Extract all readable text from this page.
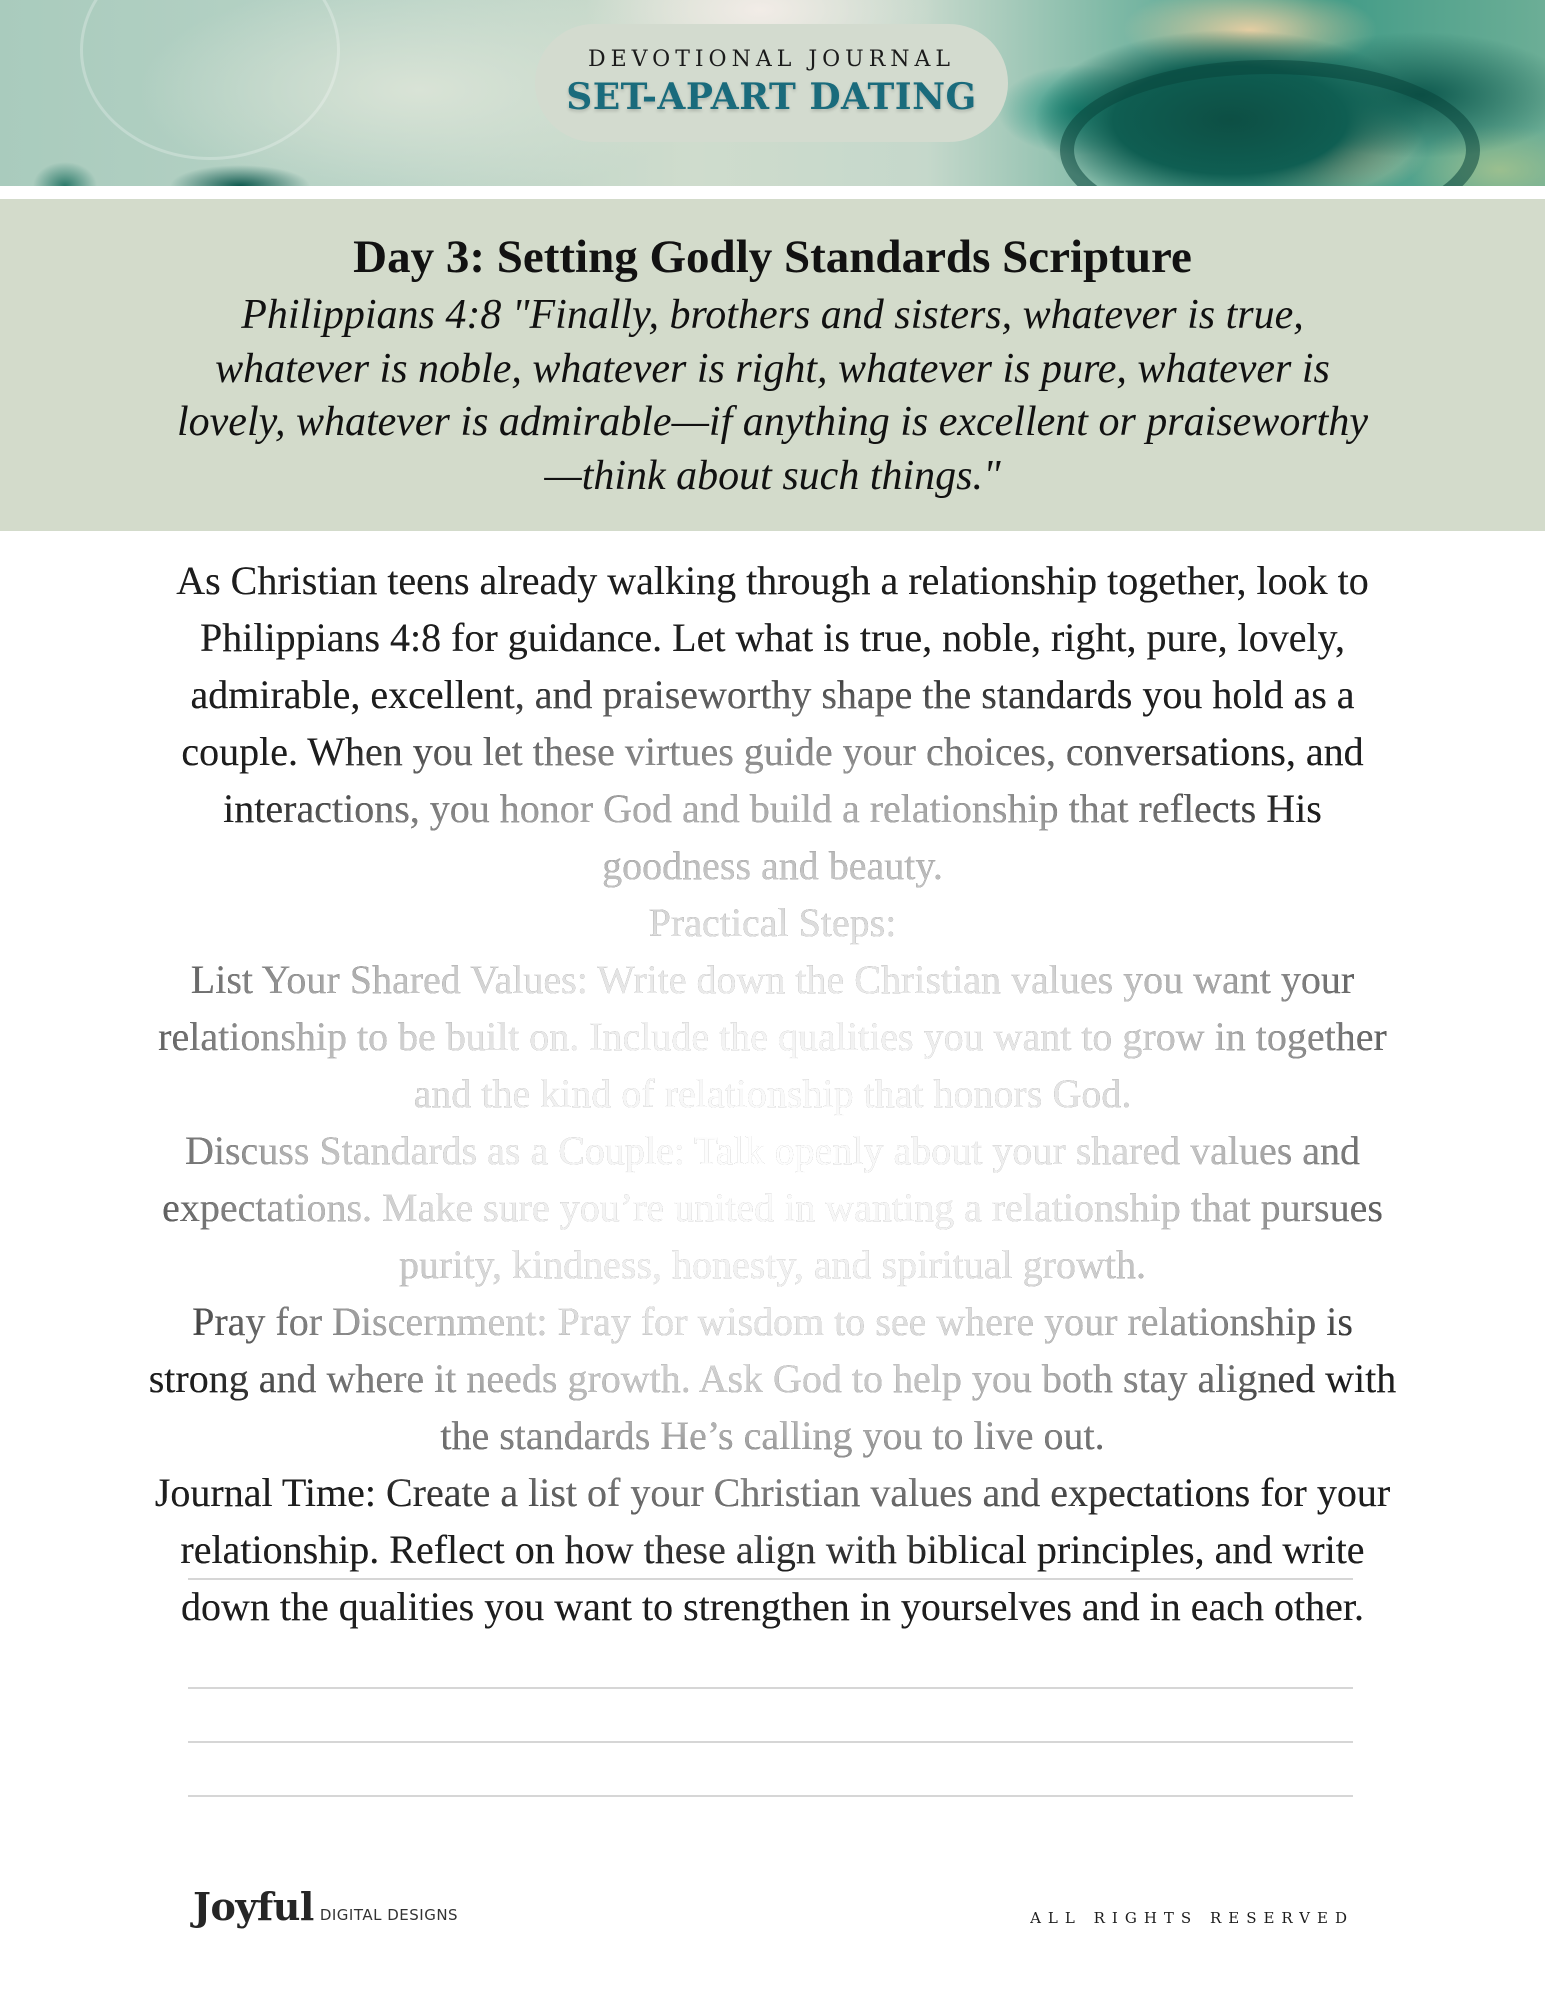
DEVOTIONAL JOURNAL
SET-APART DATING
Day 3: Setting Godly Standards Scripture
Philippians 4:8 "Finally, brothers and sisters, whatever is true,
whatever is noble, whatever is right, whatever is pure, whatever is
lovely, whatever is admirable—if anything is excellent or praiseworthy
—think about such things."
As Christian teens already walking through a relationship together, look to
Philippians 4:8 for guidance. Let what is true, noble, right, pure, lovely,
admirable, excellent, and praiseworthy shape the standards you hold as a
couple. When you let these virtues guide your choices, conversations, and
interactions, you honor God and build a relationship that reflects His
goodness and beauty.
Practical Steps:
List Your Shared Values: Write down the Christian values you want your
relationship to be built on. Include the qualities you want to grow in together
and the kind of relationship that honors God.
Discuss Standards as a Couple: Talk openly about your shared values and
expectations. Make sure you’re united in wanting a relationship that pursues
purity, kindness, honesty, and spiritual growth.
Pray for Discernment: Pray for wisdom to see where your relationship is
strong and where it needs growth. Ask God to help you both stay aligned with
the standards He’s calling you to live out.
Journal Time: Create a list of your Christian values and expectations for your
relationship. Reflect on how these align with biblical principles, and write
down the qualities you want to strengthen in yourselves and in each other.
Joyful DIGITAL DESIGNS	ALL RIGHTS RESERVED
